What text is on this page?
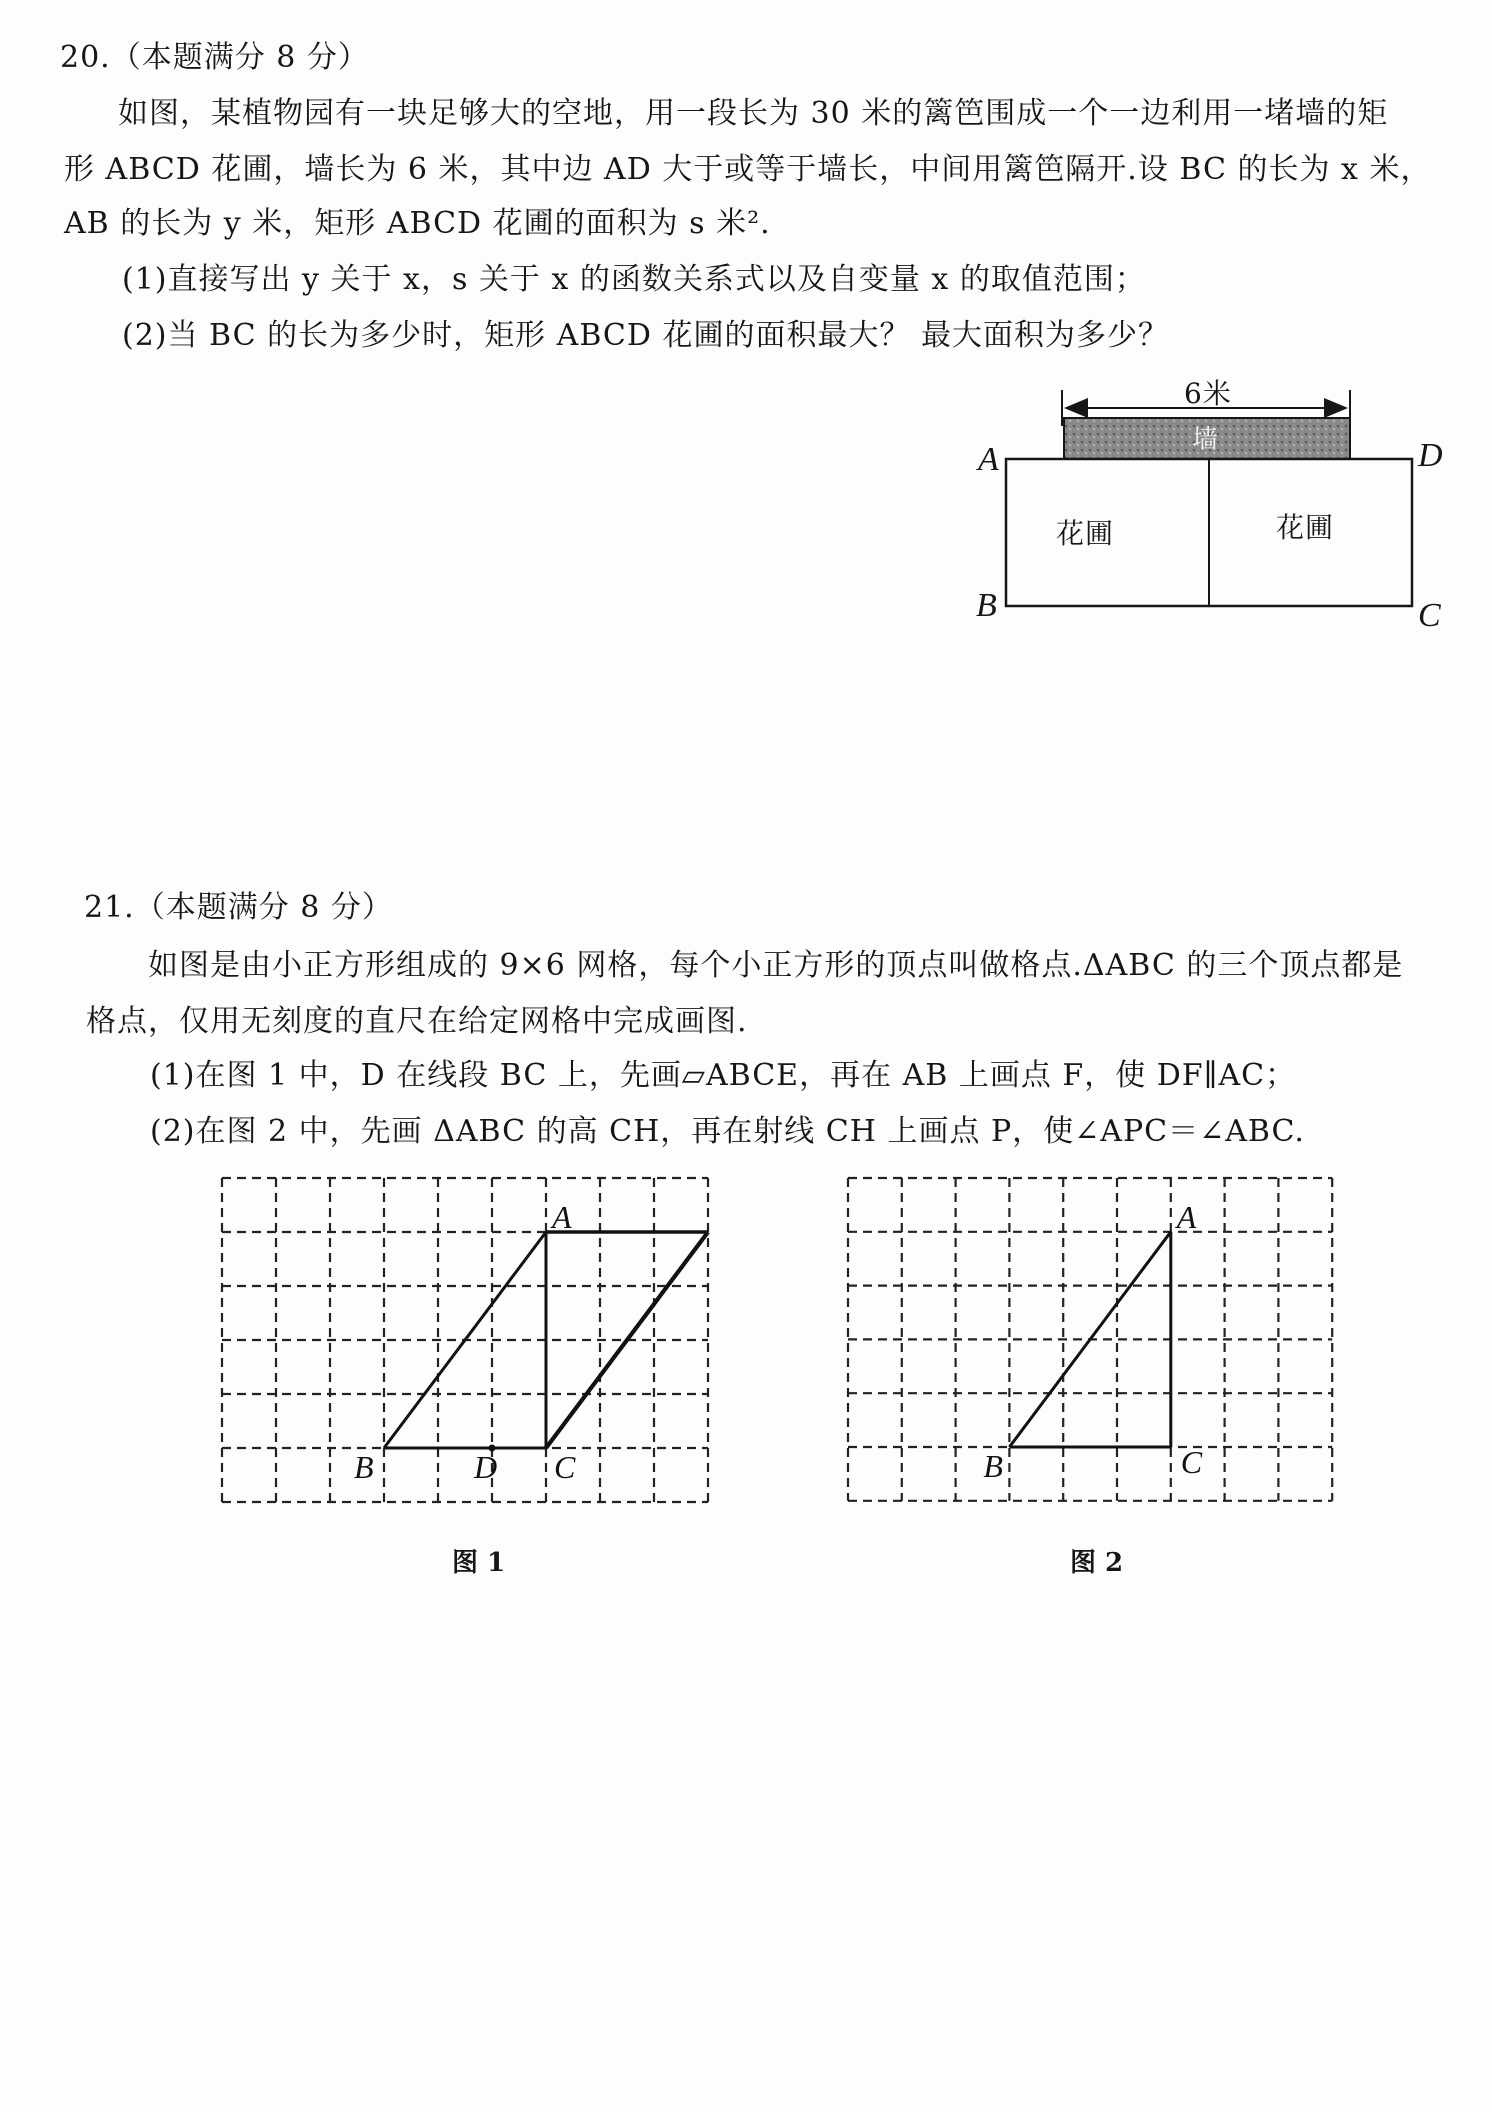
20.（本题满分 8 分）
如图，某植物园有一块足够大的空地，用一段长为 30 米的篱笆围成一个一边利用一堵墙的矩
形 ABCD 花圃，墙长为 6 米，其中边 AD 大于或等于墙长，中间用篱笆隔开.设 BC 的长为 x 米，
AB 的长为 y 米，矩形 ABCD 花圃的面积为 s 米².
(1)直接写出 y 关于 x，s 关于 x 的函数关系式以及自变量 x 的取值范围；
(2)当 BC 的长为多少时，矩形 ABCD 花圃的面积最大？ 最大面积为多少？
6米
墙
花圃	花圃
A	D
B	C
21.（本题满分 8 分）
如图是由小正方形组成的 9×6 网格，每个小正方形的顶点叫做格点.ΔABC 的三个顶点都是
格点，仅用无刻度的直尺在给定网格中完成画图.
(1)在图 1 中，D 在线段 BC 上，先画▱ABCE，再在 AB 上画点 F，使 DF∥AC；
(2)在图 2 中，先画 ΔABC 的高 CH，再在射线 CH 上画点 P，使∠APC＝∠ABC.
A
B	C
D
A
B	C
图 1	图 2
